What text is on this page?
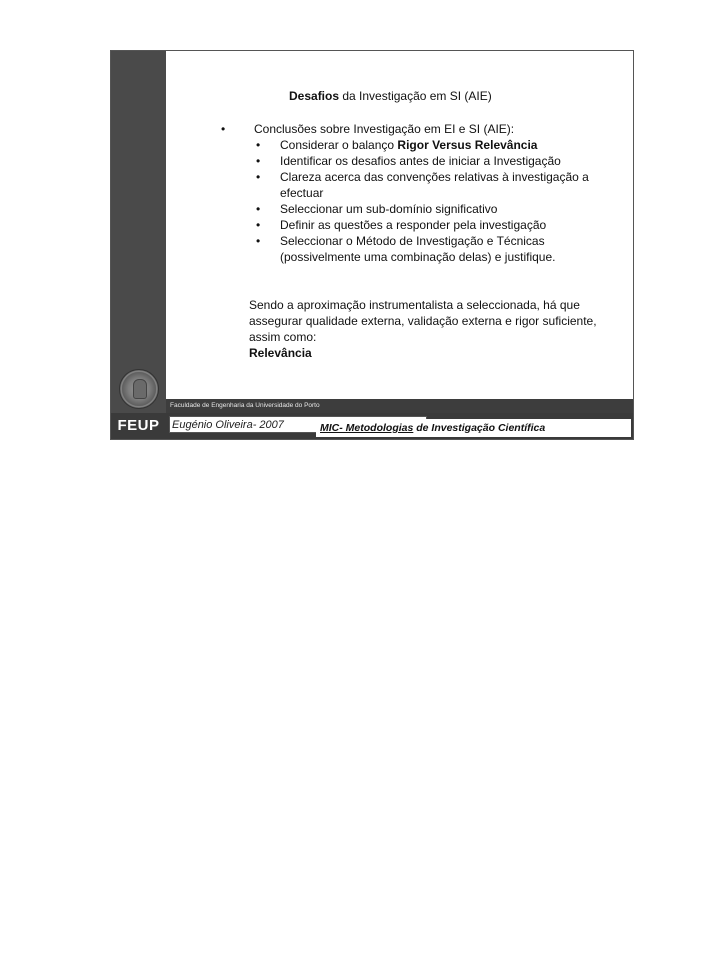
Desafios da Investigação em SI (AIE)
• Conclusões sobre Investigação em EI e SI (AIE):
• Considerar o balanço Rigor Versus Relevância
• Identificar os desafios antes de iniciar a Investigação
• Clareza acerca das convenções relativas à investigação a efectuar
• Seleccionar um sub-domínio significativo
• Definir as questões a responder pela investigação
• Seleccionar o Método de Investigação e Técnicas (possivelmente uma combinação delas) e justifique.
Sendo a aproximação instrumentalista a seleccionada, há que assegurar qualidade externa, validação externa e rigor suficiente, assim como:
Relevância
Faculdade de Engenharia da Universidade do Porto
FEUP	Eugénio Oliveira- 2007	MIC- Metodologias de Investigação Científica
